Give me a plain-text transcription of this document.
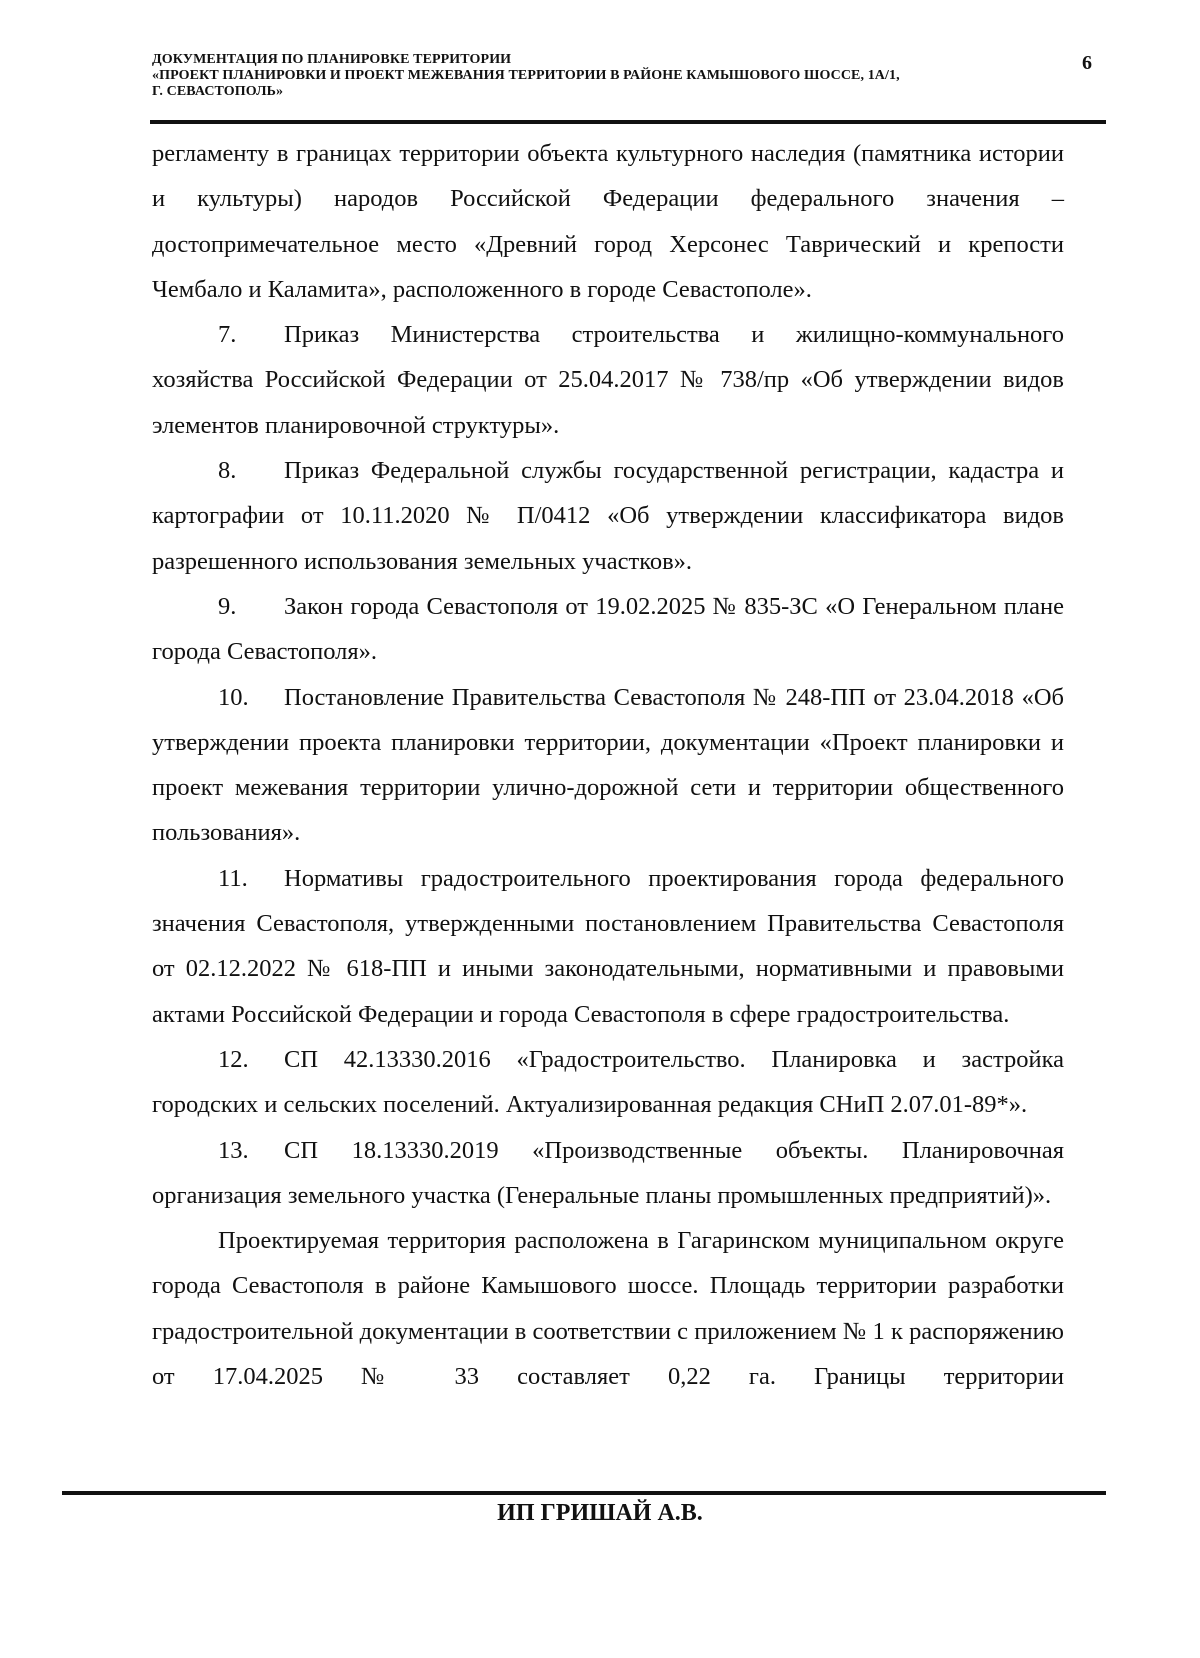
ДОКУМЕНТАЦИЯ ПО ПЛАНИРОВКЕ ТЕРРИТОРИИ
«ПРОЕКТ ПЛАНИРОВКИ И ПРОЕКТ МЕЖЕВАНИЯ ТЕРРИТОРИИ В РАЙОНЕ КАМЫШОВОГО ШОССЕ, 1А/1,
Г. СЕВАСТОПОЛЬ»
6

регламенту в границах территории объекта культурного наследия (памятника истории и культуры) народов Российской Федерации федерального значения – достопримечательное место «Древний город Херсонес Таврический и крепости Чембало и Каламита», расположенного в городе Севастополе».

7. Приказ Министерства строительства и жилищно-коммунального хозяйства Российской Федерации от 25.04.2017 № 738/пр «Об утверждении видов элементов планировочной структуры».

8. Приказ Федеральной службы государственной регистрации, кадастра и картографии от 10.11.2020 № П/0412 «Об утверждении классификатора видов разрешенного использования земельных участков».

9. Закон города Севастополя от 19.02.2025 № 835-ЗС «О Генеральном плане города Севастополя».

10. Постановление Правительства Севастополя № 248-ПП от 23.04.2018 «Об утверждении проекта планировки территории, документации «Проект планировки и проект межевания территории улично-дорожной сети и территории общественного пользования».

11. Нормативы градостроительного проектирования города федерального значения Севастополя, утвержденными постановлением Правительства Севастополя от 02.12.2022 № 618-ПП и иными законодательными, нормативными и правовыми актами Российской Федерации и города Севастополя в сфере градостроительства.

12. СП 42.13330.2016 «Градостроительство. Планировка и застройка городских и сельских поселений. Актуализированная редакция СНиП 2.07.01-89*».

13. СП 18.13330.2019 «Производственные объекты. Планировочная организация земельного участка (Генеральные планы промышленных предприятий)».

Проектируемая территория расположена в Гагаринском муниципальном округе города Севастополя в районе Камышового шоссе. Площадь территории разработки градостроительной документации в соответствии с приложением № 1 к распоряжению от 17.04.2025 № 33 составляет 0,22 га. Границы территории

ИП ГРИШАЙ А.В.
